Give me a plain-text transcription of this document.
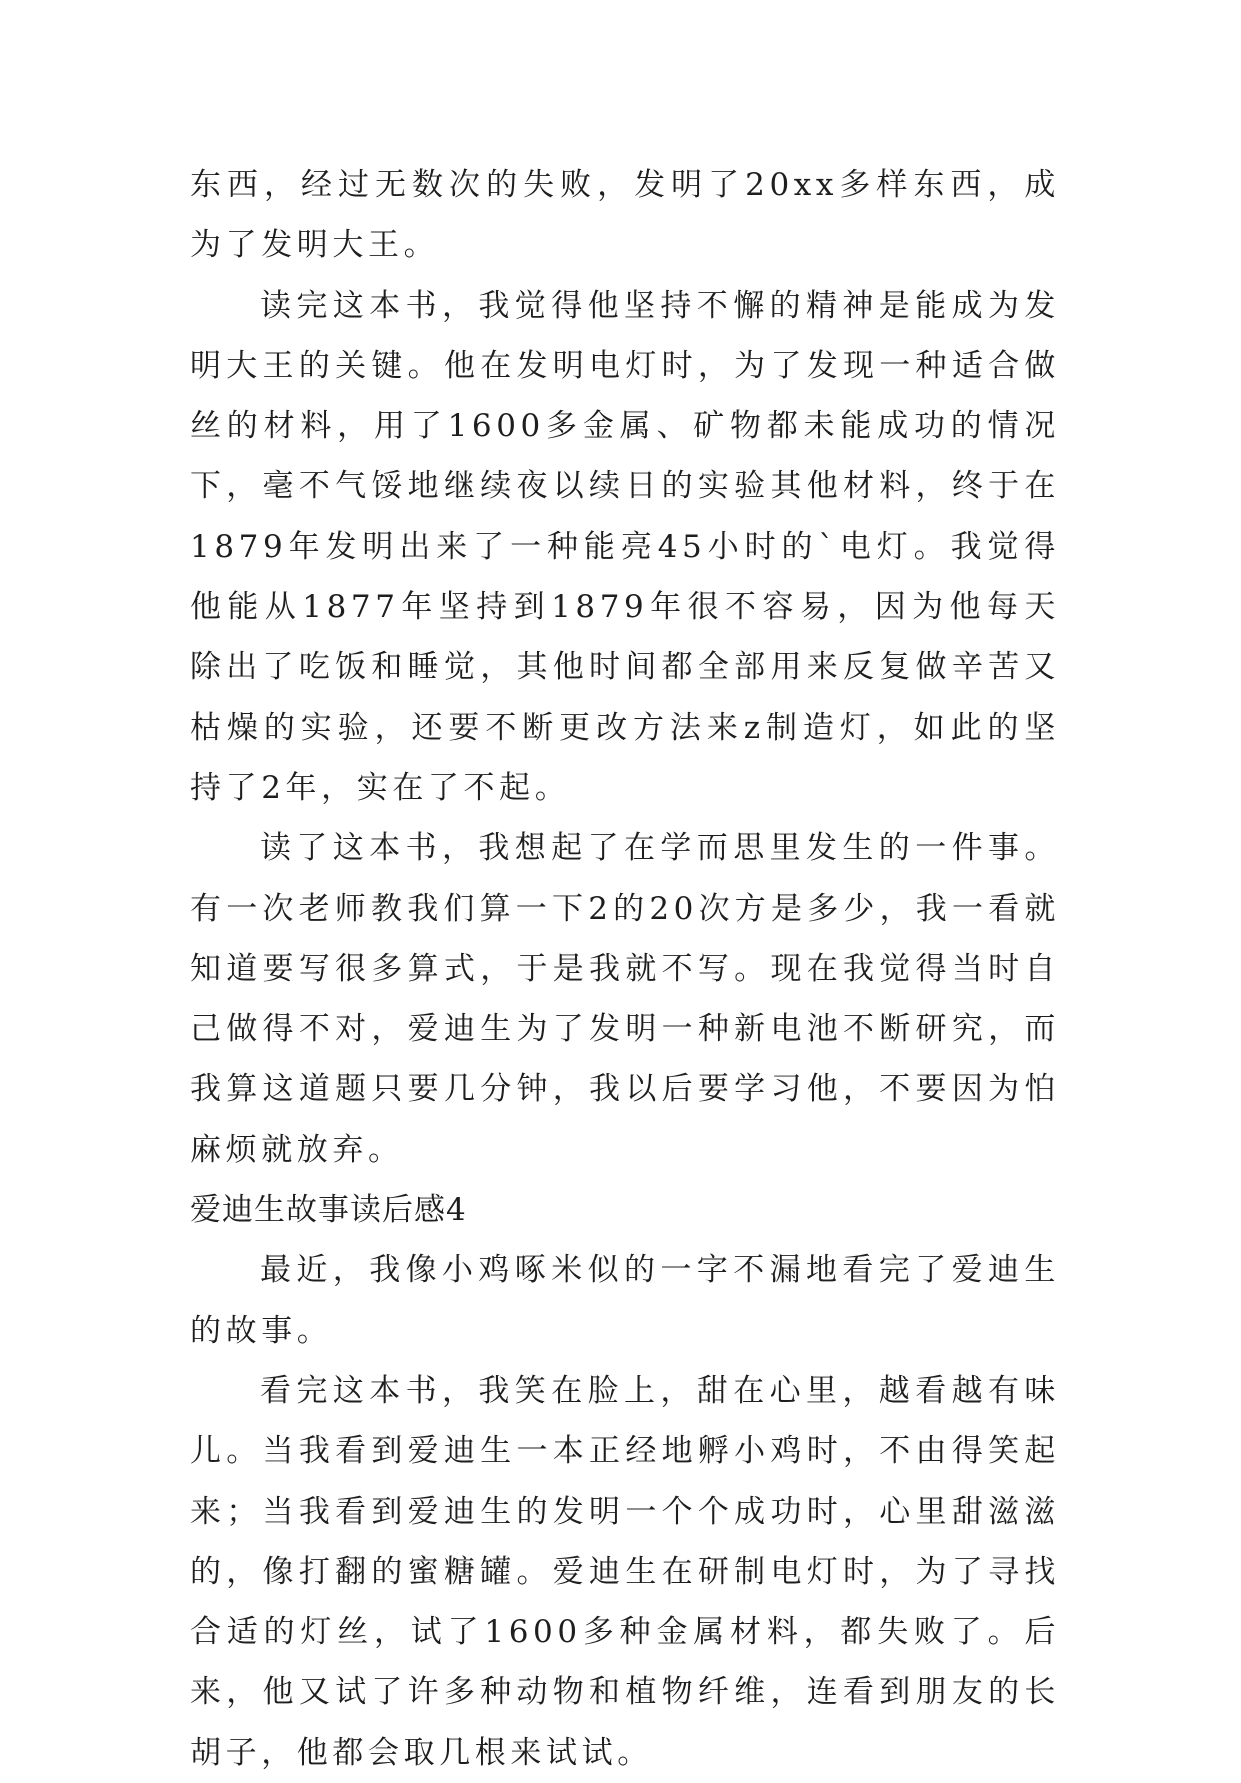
东西，经过无数次的失败，发明了20xx多样东西，成为了发明大王。

读完这本书，我觉得他坚持不懈的精神是能成为发明大王的关键。他在发明电灯时，为了发现一种适合做丝的材料，用了1600多金属、矿物都未能成功的情况下，毫不气馁地继续夜以续日的实验其他材料，终于在1879年发明出来了一种能亮45小时的`电灯。我觉得他能从1877年坚持到1879年很不容易，因为他每天除出了吃饭和睡觉，其他时间都全部用来反复做辛苦又枯燥的实验，还要不断更改方法来z制造灯，如此的坚持了2年，实在了不起。

读了这本书，我想起了在学而思里发生的一件事。有一次老师教我们算一下2的20次方是多少，我一看就知道要写很多算式，于是我就不写。现在我觉得当时自己做得不对，爱迪生为了发明一种新电池不断研究，而我算这道题只要几分钟，我以后要学习他，不要因为怕麻烦就放弃。

爱迪生故事读后感4

最近，我像小鸡啄米似的一字不漏地看完了爱迪生的故事。

看完这本书，我笑在脸上，甜在心里，越看越有味儿。当我看到爱迪生一本正经地孵小鸡时，不由得笑起来；当我看到爱迪生的发明一个个成功时，心里甜滋滋的，像打翻的蜜糖罐。爱迪生在研制电灯时，为了寻找合适的灯丝，试了1600多种金属材料，都失败了。后来，他又试了许多种动物和植物纤维，连看到朋友的长胡子，他都会取几根来试试。
